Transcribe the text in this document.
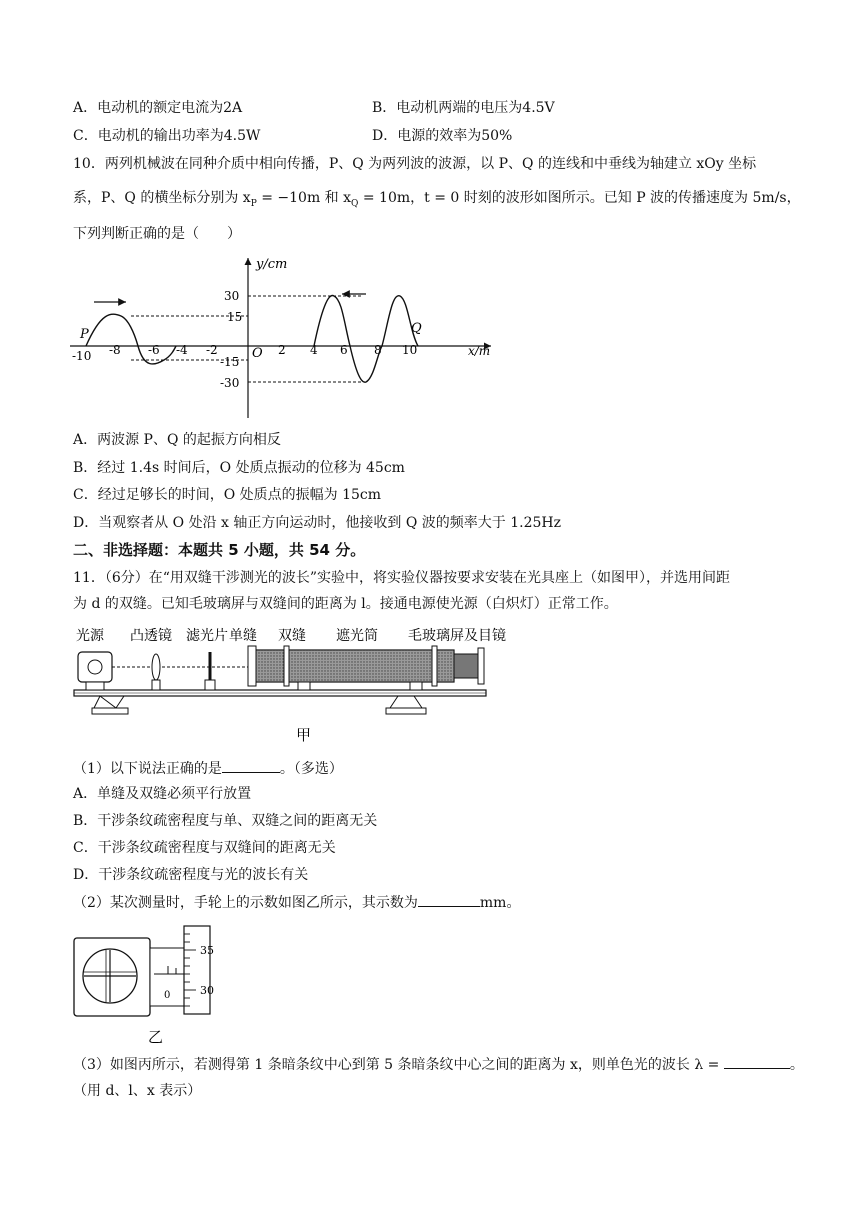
A．电动机的额定电流为2A	B．电动机两端的电压为4.5V
C．电动机的输出功率为4.5W	D．电源的效率为50%
10．两列机械波在同种介质中相向传播，P、Q 为两列波的波源，以 P、Q 的连线和中垂线为轴建立 xOy 坐标
系，P、Q 的横坐标分别为 $x_P = -10m$ 和 $x_Q = 10m$，t = 0 时刻的波形如图所示。已知 P 波的传播速度为 5m/s，
下列判断正确的是（　　）
y/cm
x/m
O
P	Q
30
15
-15
-30
-10 -8 -6 -4 -2	2 4 6 8 10
A．两波源 P、Q 的起振方向相反
B．经过 1.4s 时间后，O 处质点振动的位移为 45cm
C．经过足够长的时间，O 处质点的振幅为 15cm
D．当观察者从 O 处沿 x 轴正方向运动时，他接收到 Q 波的频率大于 1.25Hz
二、非选择题：本题共 5 小题，共 54 分。
11．（6分）在“用双缝干涉测光的波长”实验中，将实验仪器按要求安装在光具座上（如图甲），并选用间距
为 d 的双缝。已知毛玻璃屏与双缝间的距离为 l。接通电源使光源（白炽灯）正常工作。
光源 凸透镜 滤光片 单缝 双缝 遮光筒 毛玻璃屏及目镜
甲
（1）以下说法正确的是	。（多选）
A．单缝及双缝必须平行放置
B．干涉条纹疏密程度与单、双缝之间的距离无关
C．干涉条纹疏密程度与双缝间的距离无关
D．干涉条纹疏密程度与光的波长有关
（2）某次测量时，手轮上的示数如图乙所示，其示数为	mm。
35
30
0
乙
（3）如图丙所示，若测得第 1 条暗条纹中心到第 5 条暗条纹中心之间的距离为 x，则单色光的波长 λ =	。
（用 d、l、x 表示）
